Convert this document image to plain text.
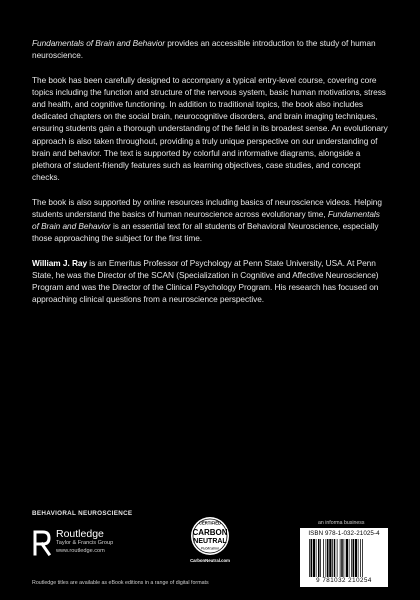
Fundamentals of Brain and Behavior provides an accessible introduction to the study of human neuroscience.

The book has been carefully designed to accompany a typical entry-level course, covering core topics including the function and structure of the nervous system, basic human motivations, stress and health, and cognitive functioning. In addition to traditional topics, the book also includes dedicated chapters on the social brain, neurocognitive disorders, and brain imaging techniques, ensuring students gain a thorough understanding of the field in its broadest sense. An evolutionary approach is also taken throughout, providing a truly unique perspective on our understanding of brain and behavior. The text is supported by colorful and informative diagrams, alongside a plethora of student-friendly features such as learning objectives, case studies, and concept checks.

The book is also supported by online resources including basics of neuroscience videos. Helping students understand the basics of human neuroscience across evolutionary time, Fundamentals of Brain and Behavior is an essential text for all students of Behavioral Neuroscience, especially those approaching the subject for the first time.

William J. Ray is an Emeritus Professor of Psychology at Penn State University, USA. At Penn State, he was the Director of the SCAN (Specialization in Cognitive and Affective Neuroscience) Program and was the Director of the Clinical Psychology Program. His research has focused on approaching clinical questions from a neuroscience perspective.

BEHAVIORAL NEUROSCIENCE
Routledge
Taylor & Francis Group
www.routledge.com
CERTIFIED
CARBON
NEUTRAL
Publication
CarbonNeutral.com
an informa business
ISBN 978-1-032-21025-4
9 781032 210254
Routledge titles are available as eBook editions in a range of digital formats
